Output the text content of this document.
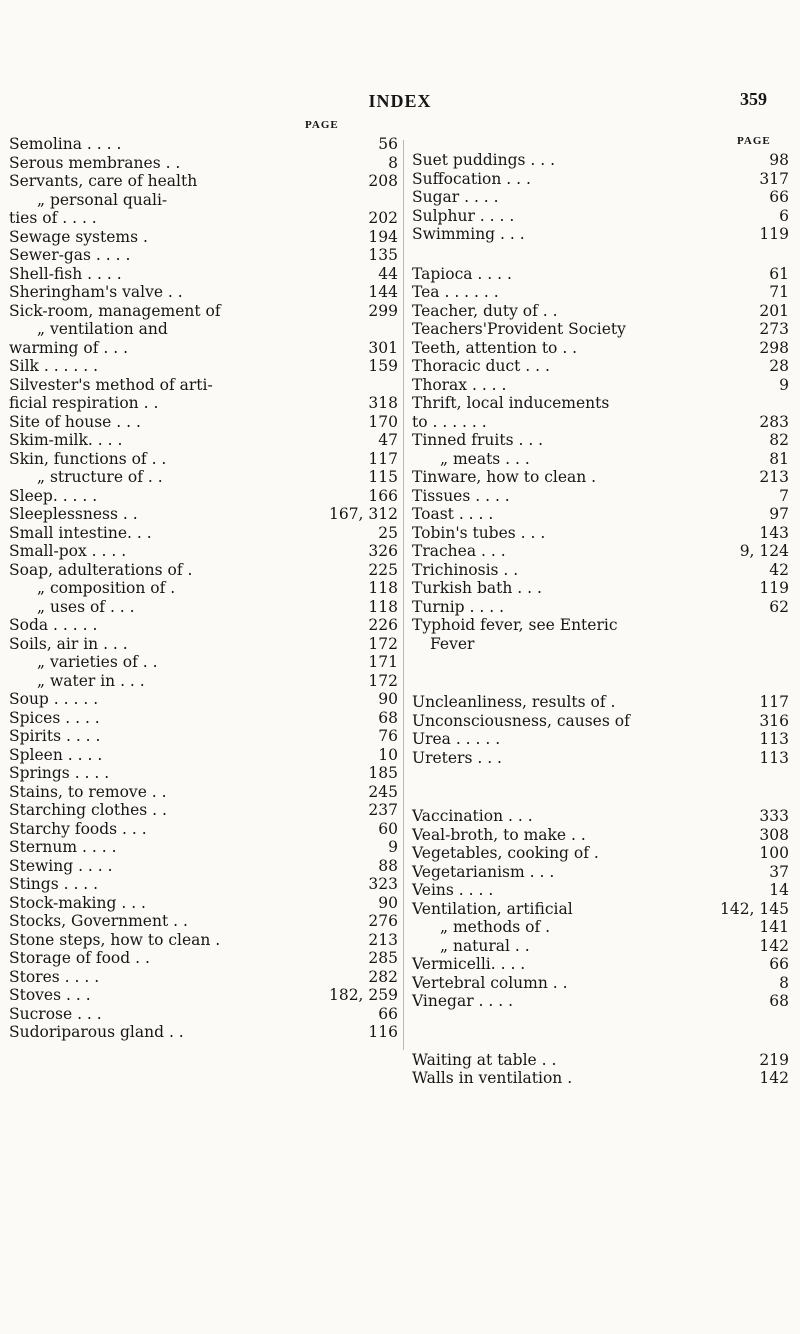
INDEX	359
PAGE
PAGE
Semolina . . . .	56
Serous membranes . .	8
Servants, care of health	208
„ personal quali-
ties of . . . .	202
Sewage systems .	194
Sewer-gas . . . .	135
Shell-fish . . . .	44
Sheringham's valve . .	144
Sick-room, management of	299
„ ventilation and
warming of . . .	301
Silk . . . . . .	159
Silvester's method of arti-
ficial respiration . .	318
Site of house . . .	170
Skim-milk. . . .	47
Skin, functions of . .	117
„ structure of . .	115
Sleep. . . . .	166
Sleeplessness . .	167, 312
Small intestine. . .	25
Small-pox . . . .	326
Soap, adulterations of .	225
„ composition of .	118
„ uses of . . .	118
Soda . . . . .	226
Soils, air in . . .	172
„ varieties of . .	171
„ water in . . .	172
Soup . . . . .	90
Spices . . . .	68
Spirits . . . .	76
Spleen . . . .	10
Springs . . . .	185
Stains, to remove . .	245
Starching clothes . .	237
Starchy foods . . .	60
Sternum . . . .	9
Stewing . . . .	88
Stings . . . .	323
Stock-making . . .	90
Stocks, Government . .	276
Stone steps, how to clean .	213
Storage of food . .	285
Stores . . . .	282
Stoves . . .	182, 259
Sucrose . . .	66
Sudoriparous gland . .	116
Suet puddings . . .	98
Suffocation . . .	317
Sugar . . . .	66
Sulphur . . . .	6
Swimming . . .	119
Tapioca . . . .	61
Tea . . . . . .	71
Teacher, duty of . .	201
Teachers'Provident Society	273
Teeth, attention to . .	298
Thoracic duct . . .	28
Thorax . . . .	9
Thrift, local inducements
to . . . . . .	283
Tinned fruits . . .	82
„ meats . . .	81
Tinware, how to clean .	213
Tissues . . . .	7
Toast . . . .	97
Tobin's tubes . . .	143
Trachea . . .	9, 124
Trichinosis . .	42
Turkish bath . . .	119
Turnip . . . .	62
Typhoid fever, see Enteric
Fever
Uncleanliness, results of .	117
Unconsciousness, causes of	316
Urea . . . . .	113
Ureters . . .	113
Vaccination . . .	333
Veal-broth, to make . .	308
Vegetables, cooking of .	100
Vegetarianism . . .	37
Veins . . . .	14
Ventilation, artificial	142, 145
„ methods of .	141
„ natural . .	142
Vermicelli. . . .	66
Vertebral column . .	8
Vinegar . . . .	68
Waiting at table . .	219
Walls in ventilation .	142
